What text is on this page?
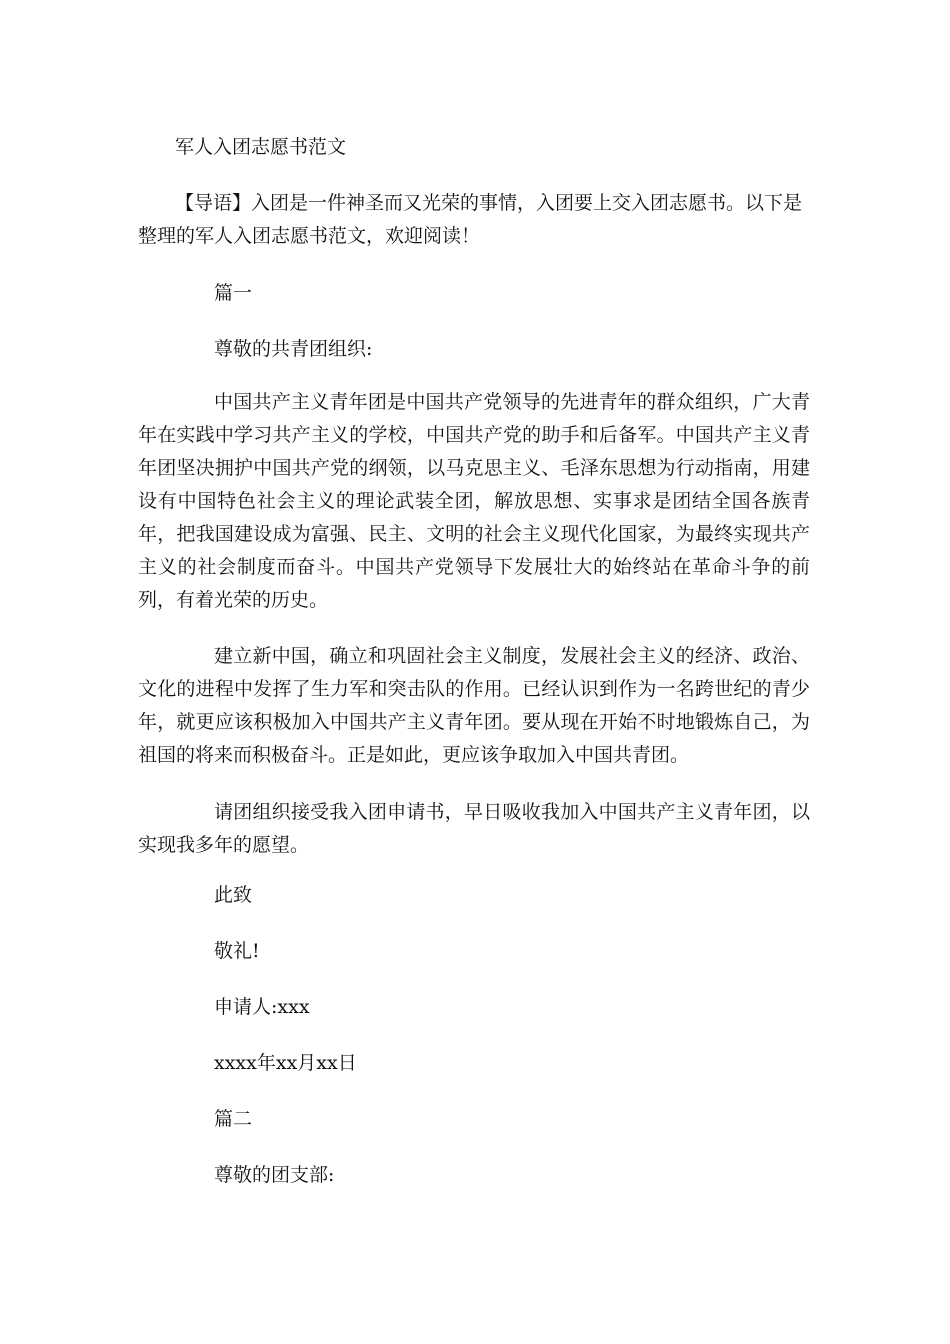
军人入团志愿书范文

【导语】入团是一件神圣而又光荣的事情，入团要上交入团志愿书。以下是

整理的军人入团志愿书范文，欢迎阅读！

篇一

尊敬的共青团组织:

中国共产主义青年团是中国共产党领导的先进青年的群众组织，广大青年在实践中学习共产主义的学校，中国共产党的助手和后备军。中国共产主义青年团坚决拥护中国共产党的纲领，以马克思主义、毛泽东思想为行动指南，用建设有中国特色社会主义的理论武装全团，解放思想、实事求是团结全国各族青年，把我国建设成为富强、民主、文明的社会主义现代化国家，为最终实现共产主义的社会制度而奋斗。中国共产党领导下发展壮大的始终站在革命斗争的前列，有着光荣的历史。

建立新中国，确立和巩固社会主义制度，发展社会主义的经济、政治、文化的进程中发挥了生力军和突击队的作用。已经认识到作为一名跨世纪的青少年，就更应该积极加入中国共产主义青年团。要从现在开始不时地锻炼自己，为祖国的将来而积极奋斗。正是如此，更应该争取加入中国共青团。

请团组织接受我入团申请书，早日吸收我加入中国共产主义青年团，以实现我多年的愿望。

此致

敬礼!

申请人:xxx

xxxx年xx月xx日

篇二

尊敬的团支部:
